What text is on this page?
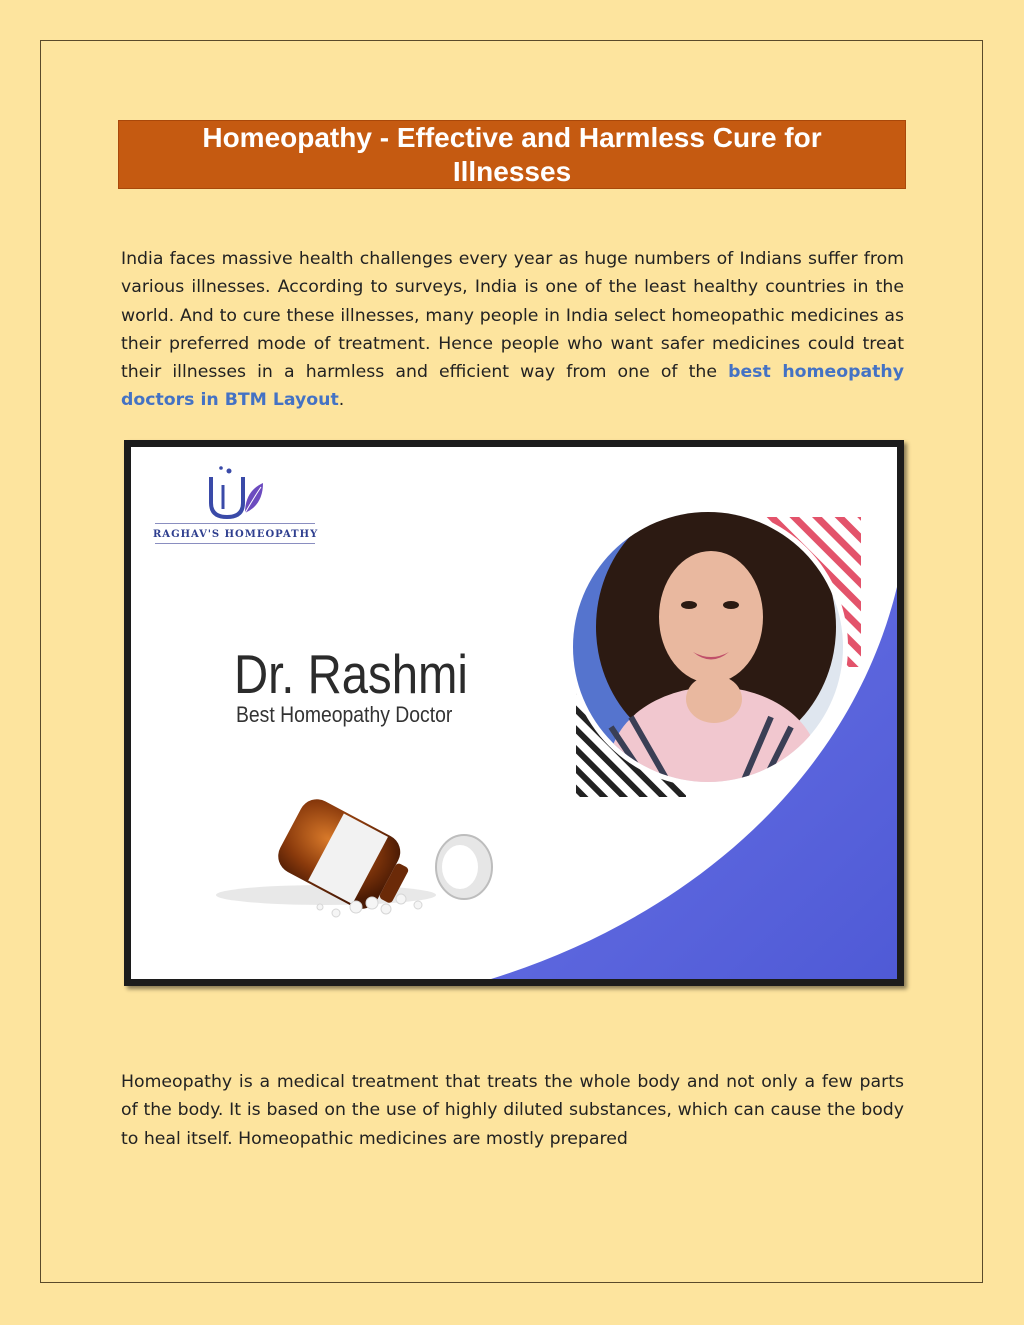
Homeopathy - Effective and Harmless Cure for Illnesses

India faces massive health challenges every year as huge numbers of Indians suffer from various illnesses. According to surveys, India is one of the least healthy countries in the world. And to cure these illnesses, many people in India select homeopathic medicines as their preferred mode of treatment. Hence people who want safer medicines could treat their illnesses in a harmless and efficient way from one of the best homeopathy doctors in BTM Layout.

RAGHAV'S HOMEOPATHY
Dr. Rashmi
Best Homeopathy Doctor

Homeopathy is a medical treatment that treats the whole body and not only a few parts of the body. It is based on the use of highly diluted substances, which can cause the body to heal itself. Homeopathic medicines are mostly prepared
